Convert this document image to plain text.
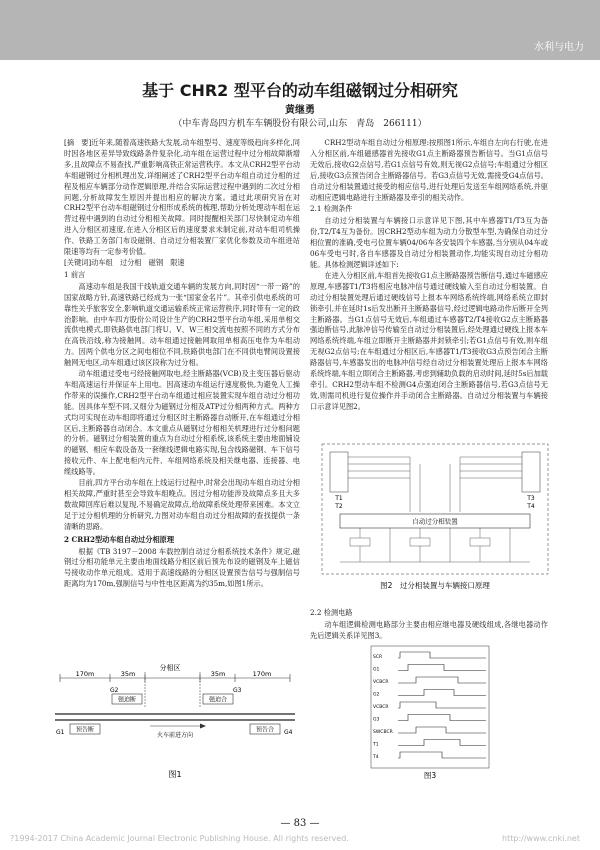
水利与电力
基于 CHR2 型平台的动车组磁钢过分相研究
黄继勇
（中车青岛四方机车车辆股份有限公司,山东　青岛　266111）

[摘　要]近年来,随着高速铁路大发展,动车组型号、速度等级趋向多样化,同时因各地区差异导致线路条件复杂化,动车组在运营过程中过分相故障渐增多,且故障点不易查找,严重影响高铁正常运营秩序。本文从CRH2型平台动车组磁钢过分相机理出发,详细阐述了CRH2型平台动车组自动过分相的过程及相应车辆部分动作逻辑原理,并结合实际运营过程中遇到的二次过分相问题,分析故障发生原因并提出相应的解决方案。通过此项研究旨在对CRH2型平台动车组磁钢过分相形成系统的梳理,帮助分析处理动车组在运营过程中遇到的自动过分相相关故障。同时提醒相关部门尽快制定动车组进入分相区初速度,在进入分相区后的速度要求未制定前,对动车组司机操作、铁路工务部门布设磁钢、自动过分相装置厂家优化参数及动车组进站限速等均有一定参考价值。

[关键词]动车组　过分相　磁钢　限速

1 前言

高速动车组是我国干线轨道交通车辆的发展方向,同时因“一带一路”的国家战略方针,高速铁路已经成为一张“国家金名片”。其牵引供电系统的可靠性关乎旅客安全,影响轨道交通运输系统正常运营秩序,同时带有一定的政治影响。由中车四方股份公司设计生产的CRH2型平台动车组,采用单相交流供电模式,即铁路供电部门将U、V、W三相交流电按照不同的方式分布在高铁沿线,称为接触网。动车组通过接触网取用单相高压电作为车组动力。因两个供电分区之间电相位不同,铁路供电部门在不同供电臂间设置接触网无电区,动车组通过该区段称为过分相。

动车组通过受电弓经接触网取电,经主断路器(VCB)及主变压器后驱动车组高速运行并保证车上用电。因高速动车组运行速度极快,为避免人工操作带来的误操作,CRH2型平台动车组通过相应装置实现车组自动过分相功能。因具体车型不同,又细分为磁钢过分相及ATP过分相两种方式。两种方式均可实现在动车组即将通过分相区时主断路器自动断开,在车组通过分相区后,主断路器自动闭合。本文重点从磁钢过分相相关机理进行过分相问题的分析。磁钢过分相装置的重点为自动过分相系统,该系统主要由地面铺设的磁钢、相应车载设备及一套继线逻辑电路实现,包含线路磁钢、车下信号接收元件、车上配电柜内元件、车组网络系统及相关继电器、连接器、电缆线路等。

目前,四方平台动车组在上线运行过程中,时常会出现动车组自动过分相相关故障,严重时甚至会导致车组晚点。因过分相功能涉及故障点多且大多数故障回库后难以复现,不易确定故障点,给故障系统处理带来困难。本文立足于过分相机理的分析研究,力图对动车组自动过分相故障的查找提供一条清晰的思路。

2 CRH2型动车组自动过分相原理

根据《TB 3197－2008 车载控制自动过分相系统技术条件》规定,磁钢过分相功能单元主要由地面线路分相区前后预先布设的磁钢及车上磁信号接收动作单元组成。适用于高速线路的分相区设置预告信号与强制信号距离均为170m,强制信号与中性电区距离为约35m,如图1所示。

CRH2型动车组自动过分相原理:按照图1所示,车组自左向右行驶,在进入分相区前,车组磁感器首先接收G1点主断路器预告断信号。当G1点信号无效后,接收G2点信号,若G1点信号有效,则无视G2点信号;车组通过分相区后,接收G3点预告闭合主断路器信号。若G3点信号无效,需接受G4点信号。自动过分相装置通过接受的相应信号,进行处理后发送至车组网络系统,并驱动相应逻辑电路进行主断路器及牵引的相关动作。

2.1 检测条件

自动过分相装置与车辆接口示意详见下图,其中车感器T1/T3互为备份,T2/T4互为备份。因CRH2型动车组为动力分散型车型,为确保自动过分相位置的准确,受电弓位置车辆04/06车各安装四个车感器,当分别从04车或06车受电弓时,各自车感器及自动过分相装置动作,均能实现自动过分相功能。具体检测逻辑详述如下:

在进入分相区前,车组首先接收G1点主断路器预告断信号,通过车磁感应原理,车感器T1/T3将相应电脉冲信号通过硬线输入至自动过分相装置。自动过分相装置处理后通过硬线信号上报本车网络系统终端,网络系统立即封锁牵引,并在延时1s后发出断开主断路器信号,经过逻辑电路动作后断开全列主断路器。当G1点信号无效后,车组通过车感器T2/T4接收G2点主断路器强迫断信号,此脉冲信号传输至自动过分相装置后,经处理通过硬线上报本车网络系统终端,车组立即断开主断路器并封锁牵引;若G1点信号有效,则车组无视G2点信号;在车组通过分相区后,车感器T1/T3接收G3点预告闭合主断路器信号,车感器发出的电脉冲信号经自动过分相装置处理后上报本车网络系统终端,车组立即闭合主断路器,考虑到辅助负载的启动时间,延时5s后加载牵引。CRH2型动车组不检测G4点强迫闭合主断路器信号,若G3点信号无效,则需司机进行复位操作并手动闭合主断路器。自动过分相装置与车辆接口示意详见图2。

2.2 检测电路

动车组逻辑检测电路部分主要由相应继电器及硬线组成,各继电器动作先后逻辑关系详见图3。

分相区
170m	35m	35m	170m
强迫断	强迫合
G2	G3
预告断	预告合
G1	G4
火车前进方向
图1
T1
T2
T3
T4
自动过分相装置
图2　过分相装置与车辆接口原理
图3
SCR
G1
VCBCR
G2
VCBCR
G3
SWCBCR
T1
T4
— 83 —
?1994-2017 China Academic Journal Electronic Publishing House. All rights reserved.	http://www.cnki.net
